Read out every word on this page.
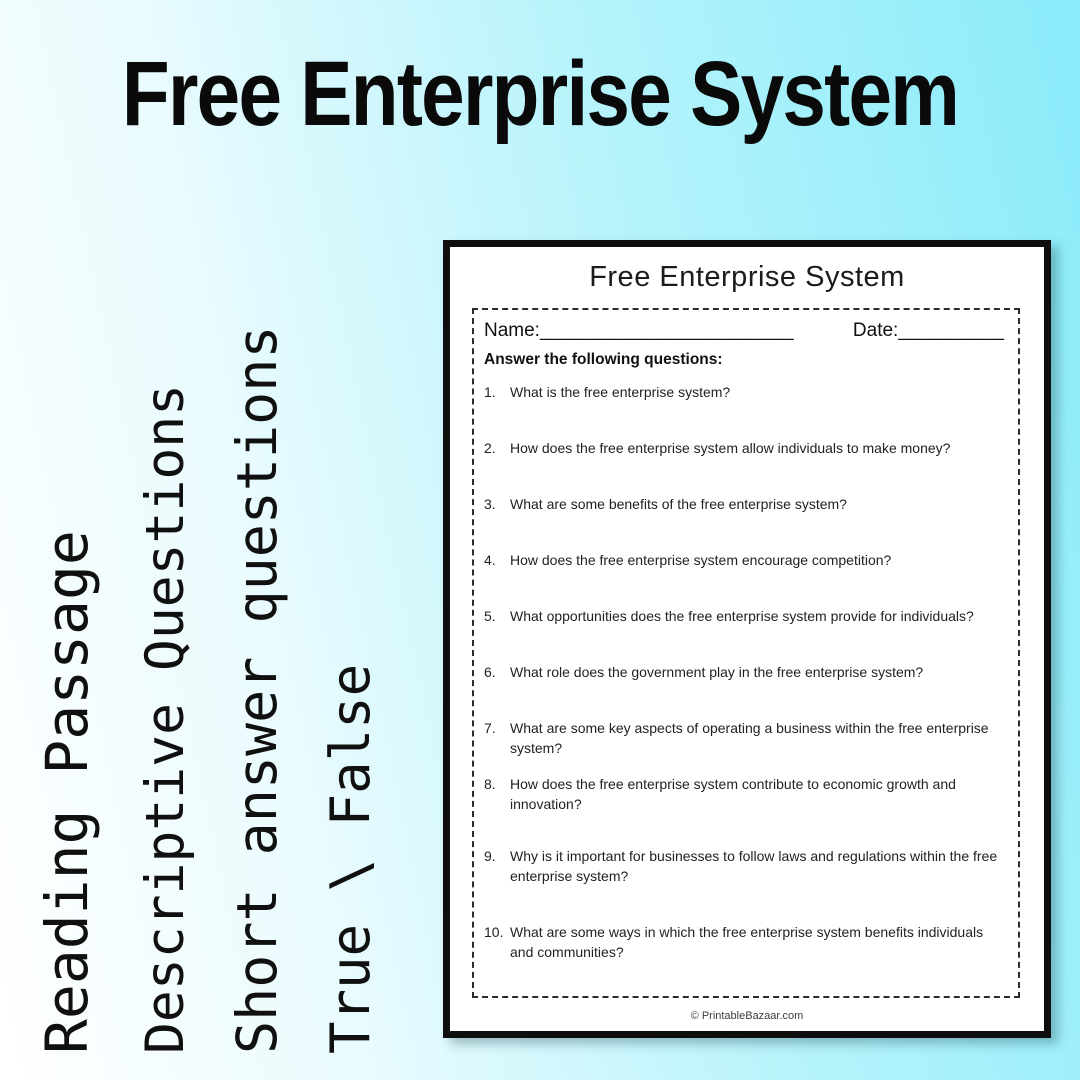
Free Enterprise System
Reading Passage Descriptive Questions Short answer questions True \ False
Free Enterprise System
Name:________________________	Date:__________
Answer the following questions:
1.	What is the free enterprise system?
2.	How does the free enterprise system allow individuals to make money?
3.	What are some benefits of the free enterprise system?
4.	How does the free enterprise system encourage competition?
5.	What opportunities does the free enterprise system provide for individuals?
6.	What role does the government play in the free enterprise system?
7.	What are some key aspects of operating a business within the free enterprise system?
8.	How does the free enterprise system contribute to economic growth and innovation?
9.	Why is it important for businesses to follow laws and regulations within the free enterprise system?
10. What are some ways in which the free enterprise system benefits individuals and communities?
© PrintableBazaar.com
